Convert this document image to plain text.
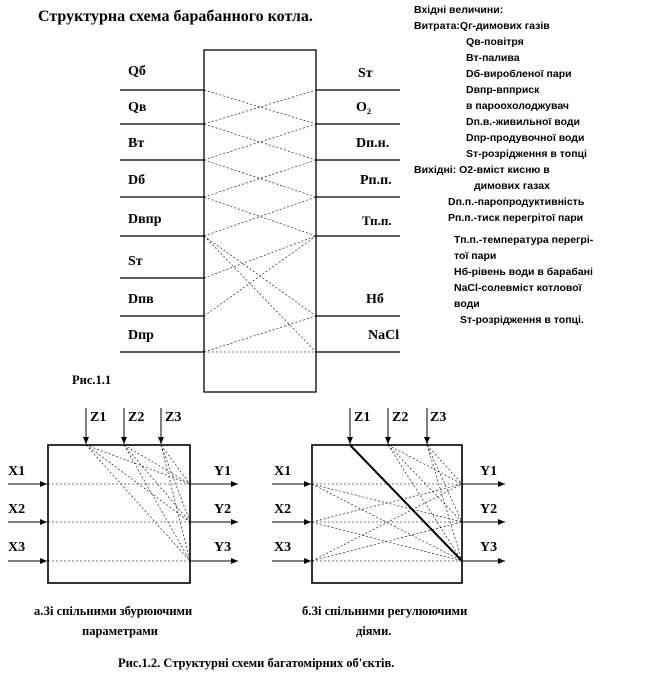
Структурна схема барабанного котла.
Qб
Qв
Вт
Dб
Dвпр
Sт
Dпв
Dпр
Sт
O₂
Dп.н.
Рп.п.
Тп.п.
Нб
NaCl
Рис.1.1
Вхідні величини:
Витрата:Qг-димових газів
Qв-повітря
Вт-палива
Dб-виробленої пари
Dвпр-впприск
в пароохолоджувач
Dп.в.-живильної води
Dпр-продувочної води
Sт-розрідження в топці
Вихідні: O2-вміст кисню в
димових газах
Dп.п.-паропродуктивність
Рп.п.-тиск перегрітої пари
Тп.п.-температура перегрі-
тої пари
Нб-рівень води в барабані
NaCl-солевміст котлової
води
Sт-розрідження в топці.
Z1 Z2 Z3
X1
X2
X3
Y1
Y2
Y3
а.Зі спільними збурюючими
параметрами
Z1 Z2 Z3
X1
X2
X3
Y1
Y2
Y3
б.Зі спільними регулюючими
діями.
Рис.1.2. Структурні схеми багатомірних об'єктів.
